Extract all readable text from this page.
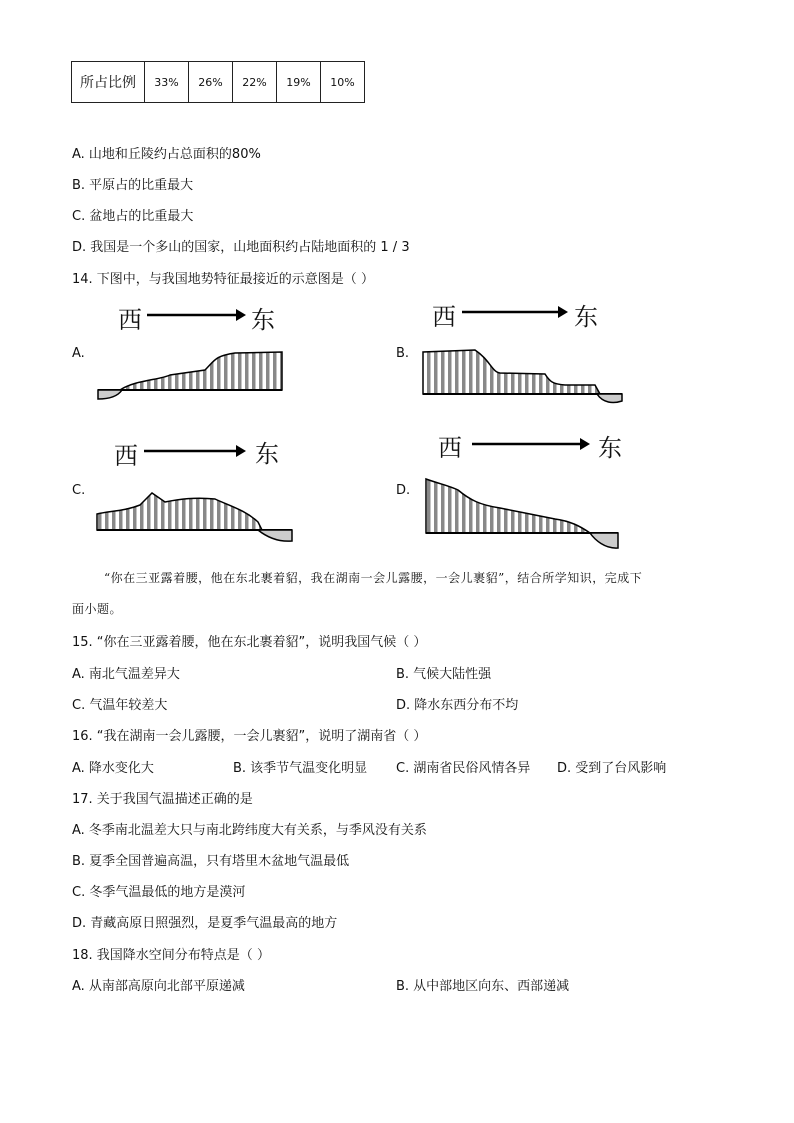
所占比例	33%	26%	22%	19%	10%
A. 山地和丘陵约占总面积的80%
B. 平原占的比重最大
C. 盆地占的比重最大
D. 我国是一个多山的国家，山地面积约占陆地面积的 1 / 3
14. 下图中，与我国地势特征最接近的示意图是（ ）
A.
西	东
B.
西	东
C.
西	东
D.
西	东
“你在三亚露着腰，他在东北裹着貂，我在湖南一会儿露腰，一会儿裹貂”，结合所学知识，完成下
面小题。
15. “你在三亚露着腰，他在东北裹着貂”，说明我国气候（ ）
A. 南北气温差异大	B. 气候大陆性强
C. 气温年较差大	D. 降水东西分布不均
16. “我在湖南一会儿露腰，一会儿裹貂”，说明了湖南省（ ）
A. 降水变化大	B. 该季节气温变化明显 C. 湖南省民俗风情各异 D. 受到了台风影响
17. 关于我国气温描述正确的是
A. 冬季南北温差大只与南北跨纬度大有关系，与季风没有关系
B. 夏季全国普遍高温，只有塔里木盆地气温最低
C. 冬季气温最低的地方是漠河
D. 青藏高原日照强烈，是夏季气温最高的地方
18. 我国降水空间分布特点是（ ）
A. 从南部高原向北部平原递减	B. 从中部地区向东、西部递减
